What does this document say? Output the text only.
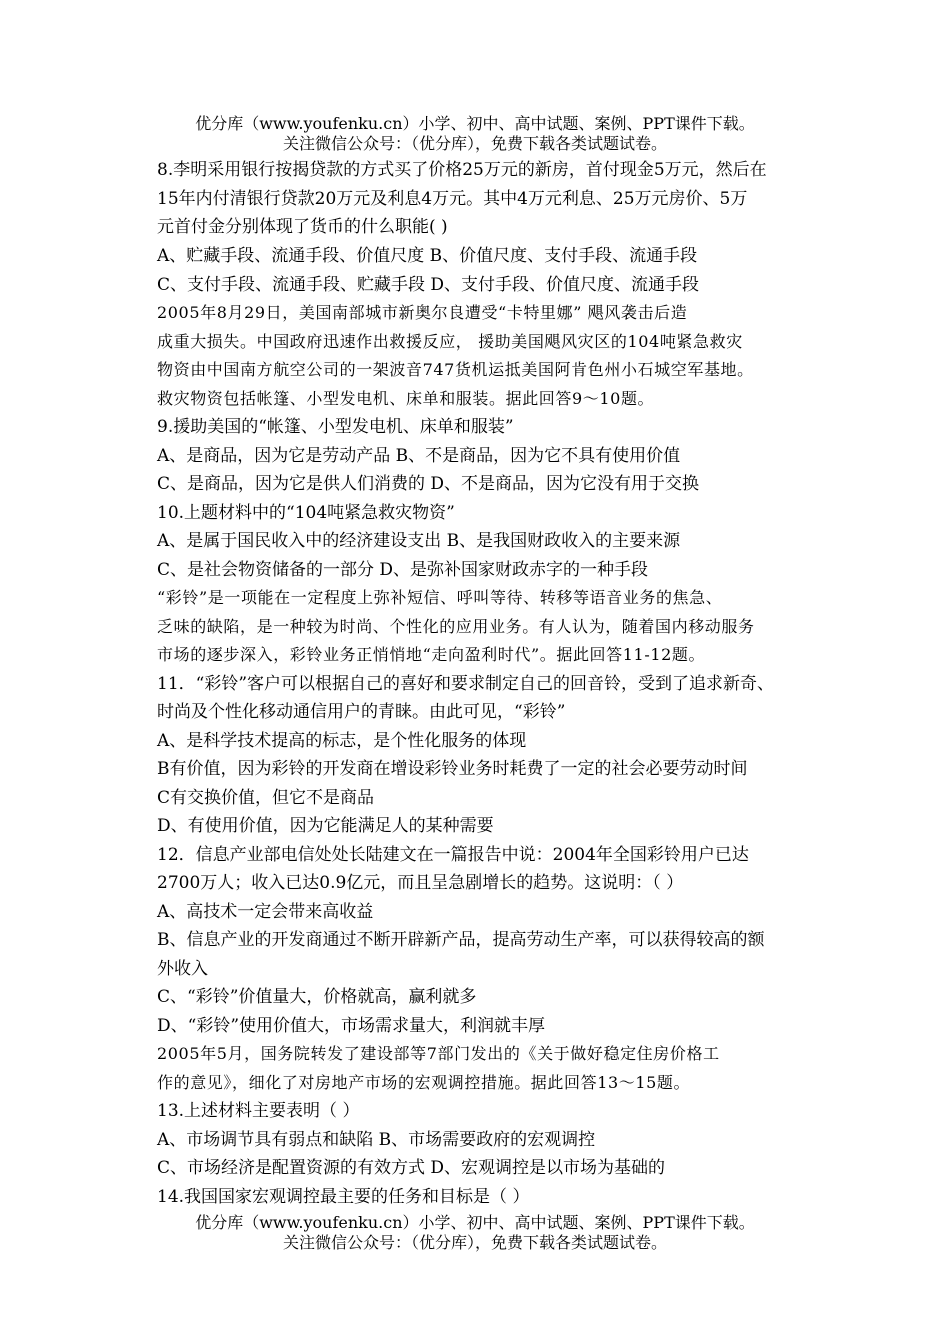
优分库（www.youfenku.cn）小学、初中、高中试题、案例、PPT课件下载。
关注微信公众号：（优分库），免费下载各类试题试卷。
8.李明采用银行按揭贷款的方式买了价格25万元的新房，首付现金5万元，然后在
15年内付清银行贷款20万元及利息4万元。其中4万元利息、25万元房价、5万
元首付金分别体现了货币的什么职能( )
A、贮藏手段、流通手段、价值尺度 B、价值尺度、支付手段、流通手段
C、支付手段、流通手段、贮藏手段 D、支付手段、价值尺度、流通手段
2005年8月29日，美国南部城市新奥尔良遭受“卡特里娜” 飓风袭击后造
成重大损失。中国政府迅速作出救援反应， 援助美国飓风灾区的104吨紧急救灾
物资由中国南方航空公司的一架波音747货机运抵美国阿肯色州小石城空军基地。
救灾物资包括帐篷、小型发电机、床单和服装。据此回答9～10题。
9.援助美国的“帐篷、小型发电机、床单和服装”
A、是商品，因为它是劳动产品 B、不是商品，因为它不具有使用价值
C、是商品，因为它是供人们消费的 D、不是商品，因为它没有用于交换
10.上题材料中的“104吨紧急救灾物资”
A、是属于国民收入中的经济建设支出 B、是我国财政收入的主要来源
C、是社会物资储备的一部分 D、是弥补国家财政赤字的一种手段
“彩铃”是一项能在一定程度上弥补短信、呼叫等待、转移等语音业务的焦急、
乏味的缺陷，是一种较为时尚、个性化的应用业务。有人认为，随着国内移动服务
市场的逐步深入，彩铃业务正悄悄地“走向盈利时代”。据此回答11-12题。
11．“彩铃”客户可以根据自己的喜好和要求制定自己的回音铃，受到了追求新奇、
时尚及个性化移动通信用户的青睐。由此可见，“彩铃”
A、是科学技术提高的标志，是个性化服务的体现
B有价值，因为彩铃的开发商在增设彩铃业务时耗费了一定的社会必要劳动时间
C有交换价值，但它不是商品
D、有使用价值，因为它能满足人的某种需要
12．信息产业部电信处处长陆建文在一篇报告中说：2004年全国彩铃用户已达
2700万人；收入已达0.9亿元，而且呈急剧增长的趋势。这说明：（ ）
A、高技术一定会带来高收益
B、信息产业的开发商通过不断开辟新产品，提高劳动生产率，可以获得较高的额
外收入
C、“彩铃”价值量大，价格就高，赢利就多
D、“彩铃”使用价值大，市场需求量大，利润就丰厚
2005年5月，国务院转发了建设部等7部门发出的《关于做好稳定住房价格工
作的意见》，细化了对房地产市场的宏观调控措施。据此回答13～15题。
13.上述材料主要表明（ ）
A、市场调节具有弱点和缺陷 B、市场需要政府的宏观调控
C、市场经济是配置资源的有效方式 D、宏观调控是以市场为基础的
14.我国国家宏观调控最主要的任务和目标是（ ）
优分库（www.youfenku.cn）小学、初中、高中试题、案例、PPT课件下载。
关注微信公众号：（优分库），免费下载各类试题试卷。
